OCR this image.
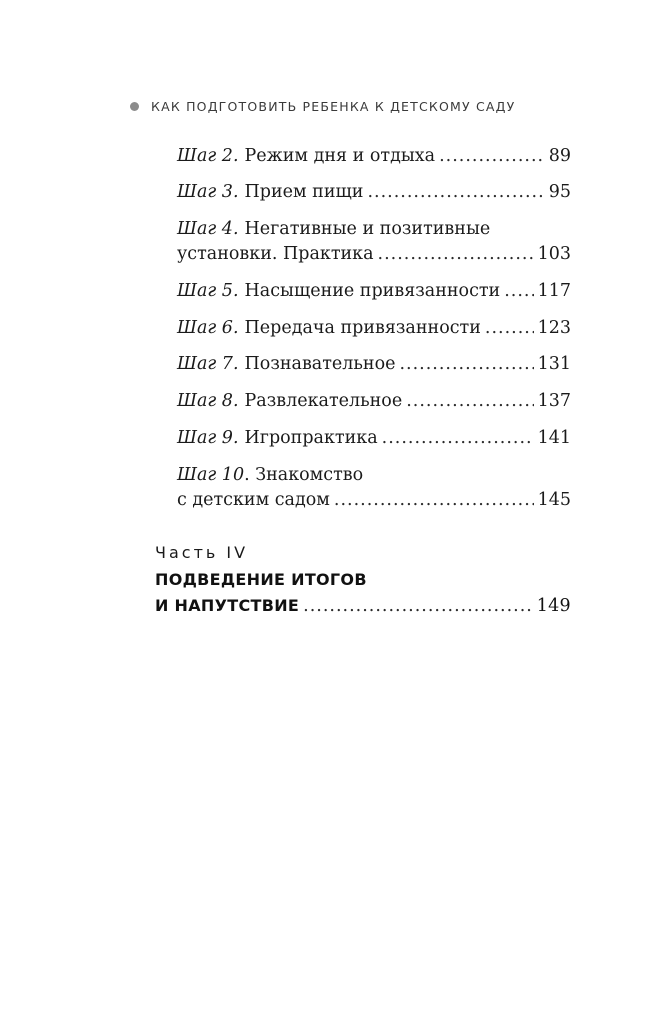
КАК ПОДГОТОВИТЬ РЕБЕНКА К ДЕТСКОМУ САДУ
Шаг 2. Режим дня и отдыха .....	89
Шаг 3. Прием пищи .....	95
Шаг 4. Негативные и позитивные
установки. Практика .....	103
Шаг 5. Насыщение привязанности ..... 117
Шаг 6. Передача привязанности .....	123
Шаг 7. Познавательное .....	131
Шаг 8. Развлекательное .....	137
Шаг 9. Игропрактика .....	141
Шаг 10 . Знакомство
с детским садом .....	145
Часть IV
ПОДВЕДЕНИЕ ИТОГОВ
И НАПУТСТВИЕ .....	149
